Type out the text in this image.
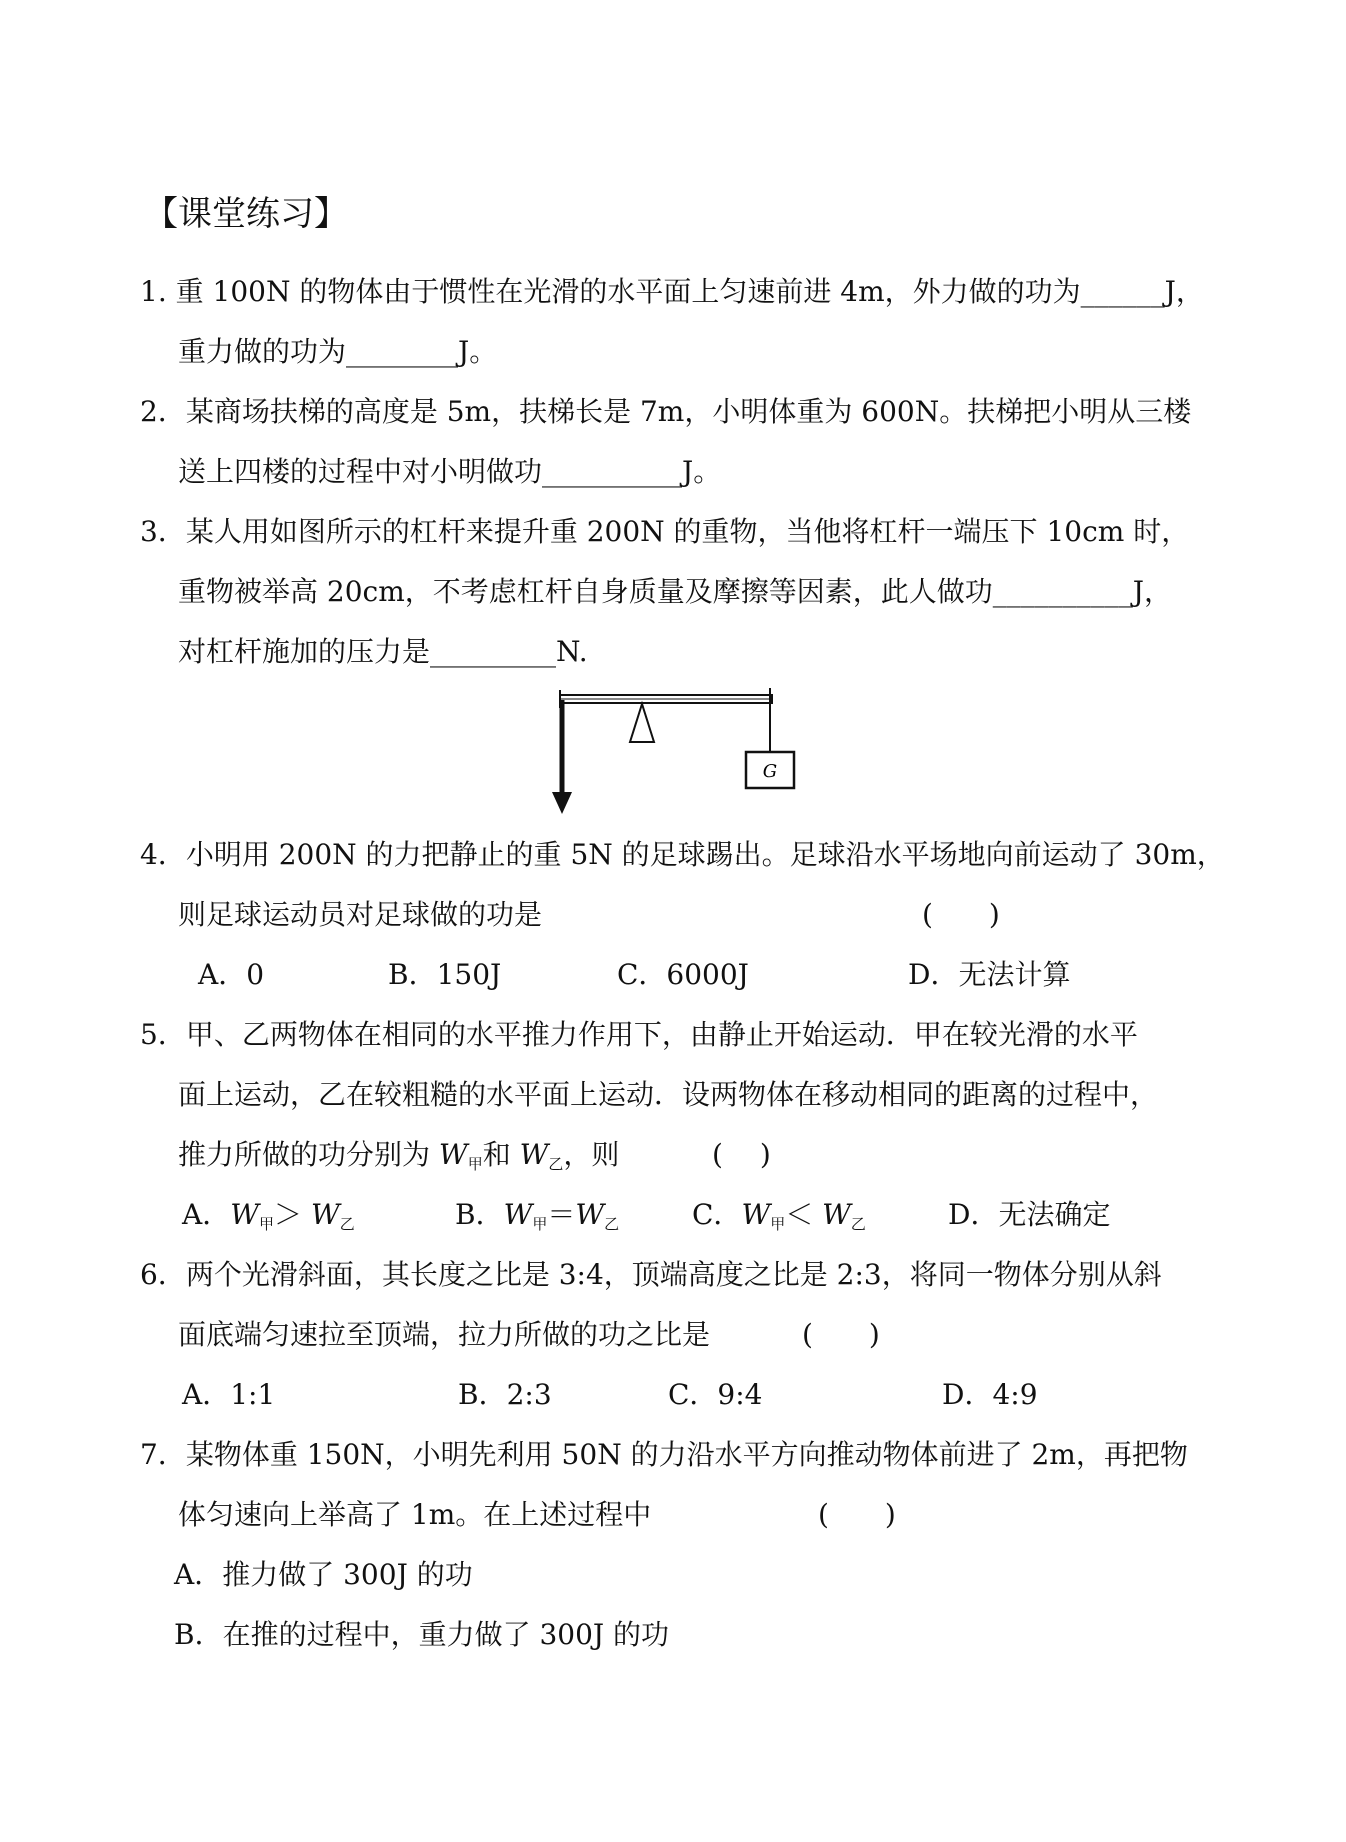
【课堂练习】
1. 重 100N 的物体由于惯性在光滑的水平面上匀速前进 4m，外力做的功为______J，
重力做的功为________J。
2．某商场扶梯的高度是 5m，扶梯长是 7m，小明体重为 600N。扶梯把小明从三楼
送上四楼的过程中对小明做功__________J。
3．某人用如图所示的杠杆来提升重 200N 的重物，当他将杠杆一端压下 10cm 时，
重物被举高 20cm，不考虑杠杆自身质量及摩擦等因素，此人做功__________J，
对杠杆施加的压力是_________N.
G
4．小明用 200N 的力把静止的重 5N 的足球踢出。足球沿水平场地向前运动了 30m，
则足球运动员对足球做的功是	(　　)
A．0	B．150J	C．6000J	D．无法计算
5．甲、乙两物体在相同的水平推力作用下，由静止开始运动．甲在较光滑的水平
面上运动，乙在较粗糙的水平面上运动．设两物体在移动相同的距离的过程中，
推力所做的功分别为 W甲和 W乙，则	(　 )
A．W甲＞ W乙	B．W甲＝W乙	C．W甲＜ W乙	D．无法确定
6．两个光滑斜面，其长度之比是 3:4，顶端高度之比是 2:3，将同一物体分别从斜
面底端匀速拉至顶端，拉力所做的功之比是	(　　)
A．1:1	B．2:3	C．9:4	D．4:9
7．某物体重 150N，小明先利用 50N 的力沿水平方向推动物体前进了 2m，再把物
体匀速向上举高了 1m。在上述过程中	(　　)
A．推力做了 300J 的功
B．在推的过程中，重力做了 300J 的功
